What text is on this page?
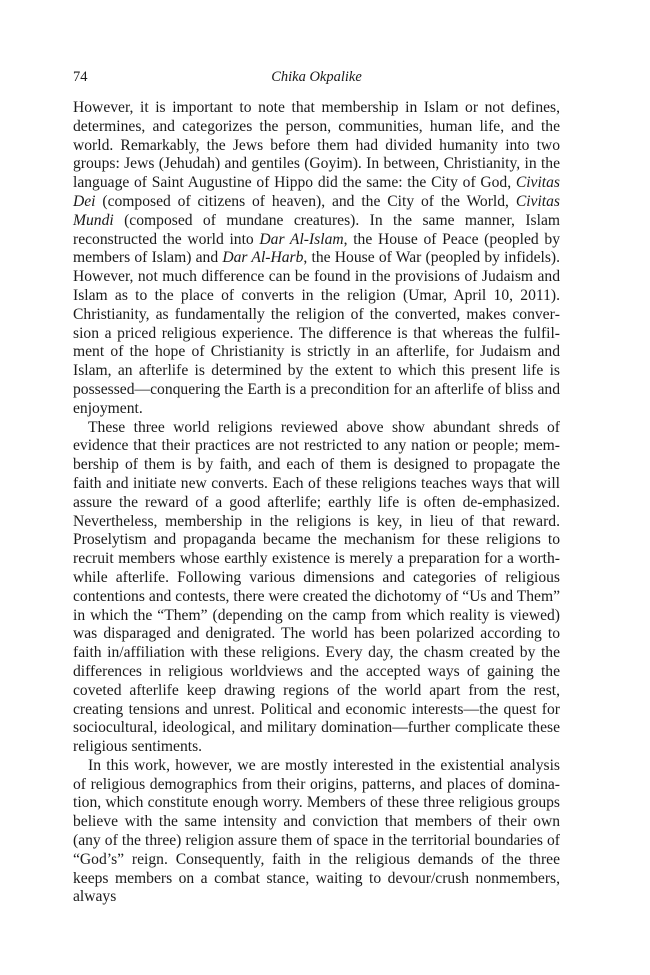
74	Chika Okpalike

However, it is important to note that membership in Islam or not defines, determines, and categorizes the person, communities, human life, and the world. Remarkably, the Jews before them had divided humanity into two groups: Jews (Jehudah) and gentiles (Goyim). In between, Christianity, in the language of Saint Augustine of Hippo did the same: the City of God, Civitas Dei (composed of citizens of heaven), and the City of the World, Civitas Mundi (composed of mundane creatures). In the same manner, Islam reconstructed the world into Dar Al-Islam, the House of Peace (peopled by members of Islam) and Dar Al-Harb, the House of War (peopled by infidels). However, not much difference can be found in the provisions of Judaism and Islam as to the place of converts in the religion (Umar, April 10, 2011). Christianity, as fundamentally the religion of the converted, makes conversion a priced religious experience. The difference is that whereas the fulfilment of the hope of Christianity is strictly in an afterlife, for Judaism and Islam, an afterlife is determined by the extent to which this present life is possessed—conquering the Earth is a precondition for an afterlife of bliss and enjoyment.

These three world religions reviewed above show abundant shreds of evidence that their practices are not restricted to any nation or people; membership of them is by faith, and each of them is designed to propagate the faith and initiate new converts. Each of these religions teaches ways that will assure the reward of a good afterlife; earthly life is often de-emphasized. Nevertheless, membership in the religions is key, in lieu of that reward. Proselytism and propaganda became the mechanism for these religions to recruit members whose earthly existence is merely a preparation for a worthwhile afterlife. Following various dimensions and categories of religious contentions and contests, there were created the dichotomy of “Us and Them” in which the “Them” (depending on the camp from which reality is viewed) was disparaged and denigrated. The world has been polarized according to faith in/affiliation with these religions. Every day, the chasm created by the differences in religious worldviews and the accepted ways of gaining the coveted afterlife keep drawing regions of the world apart from the rest, creating tensions and unrest. Political and economic interests—the quest for sociocultural, ideological, and military domination—further complicate these religious sentiments.

In this work, however, we are mostly interested in the existential analysis of religious demographics from their origins, patterns, and places of domination, which constitute enough worry. Members of these three religious groups believe with the same intensity and conviction that members of their own (any of the three) religion assure them of space in the territorial boundaries of “God’s” reign. Consequently, faith in the religious demands of the three keeps members on a combat stance, waiting to devour/crush nonmembers, always
